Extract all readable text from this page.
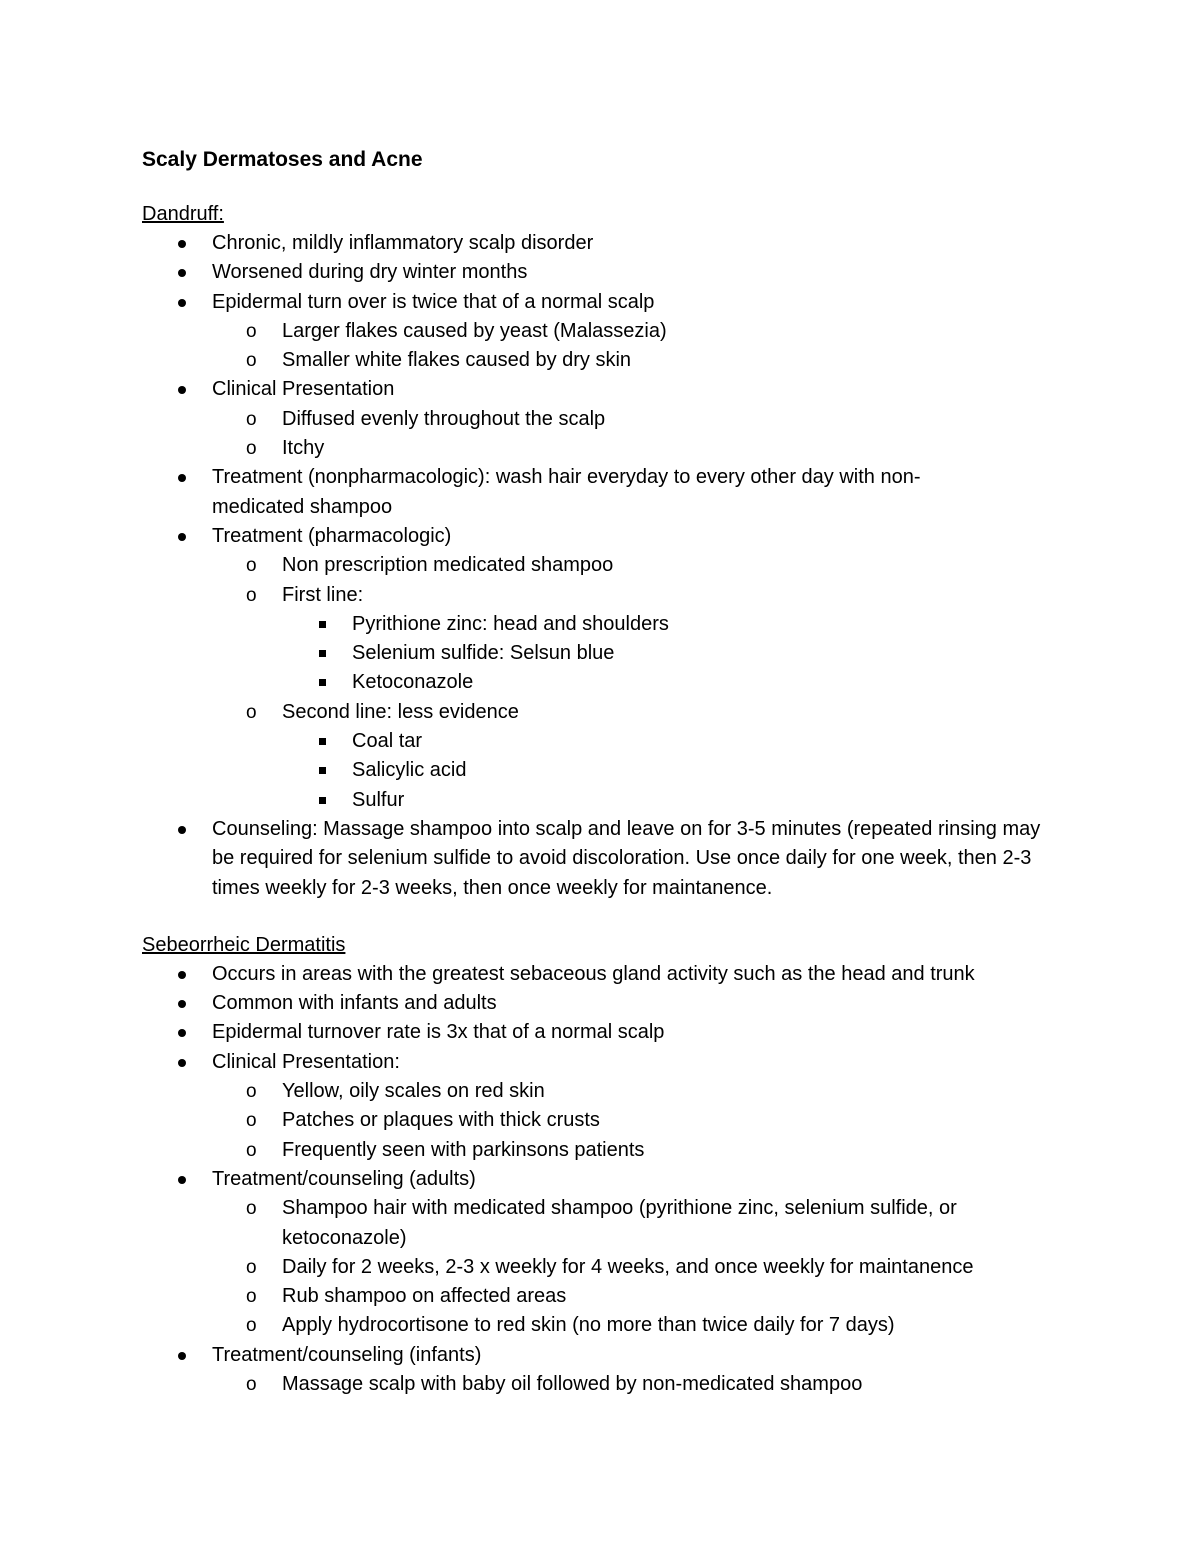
Scaly Dermatoses and Acne
Dandruff:
Chronic, mildly inflammatory scalp disorder
Worsened during dry winter months
Epidermal turn over is twice that of a normal scalp
o Larger flakes caused by yeast (Malassezia)
o Smaller white flakes caused by dry skin
Clinical Presentation
o Diffused evenly throughout the scalp
o Itchy
Treatment (nonpharmacologic): wash hair everyday to every other day with non-medicated shampoo
Treatment (pharmacologic)
o Non prescription medicated shampoo
o First line:
Pyrithione zinc: head and shoulders
Selenium sulfide: Selsun blue
Ketoconazole
o Second line: less evidence
Coal tar
Salicylic acid
Sulfur
Counseling: Massage shampoo into scalp and leave on for 3-5 minutes (repeated rinsing may be required for selenium sulfide to avoid discoloration. Use once daily for one week, then 2-3 times weekly for 2-3 weeks, then once weekly for maintanence.
Sebeorrheic Dermatitis
Occurs in areas with the greatest sebaceous gland activity such as the head and trunk
Common with infants and adults
Epidermal turnover rate is 3x that of a normal scalp
Clinical Presentation:
o Yellow, oily scales on red skin
o Patches or plaques with thick crusts
o Frequently seen with parkinsons patients
Treatment/counseling (adults)
o Shampoo hair with medicated shampoo (pyrithione zinc, selenium sulfide, or ketoconazole)
o Daily for 2 weeks, 2-3 x weekly for 4 weeks, and once weekly for maintanence
o Rub shampoo on affected areas
o Apply hydrocortisone to red skin (no more than twice daily for 7 days)
Treatment/counseling (infants)
o Massage scalp with baby oil followed by non-medicated shampoo
